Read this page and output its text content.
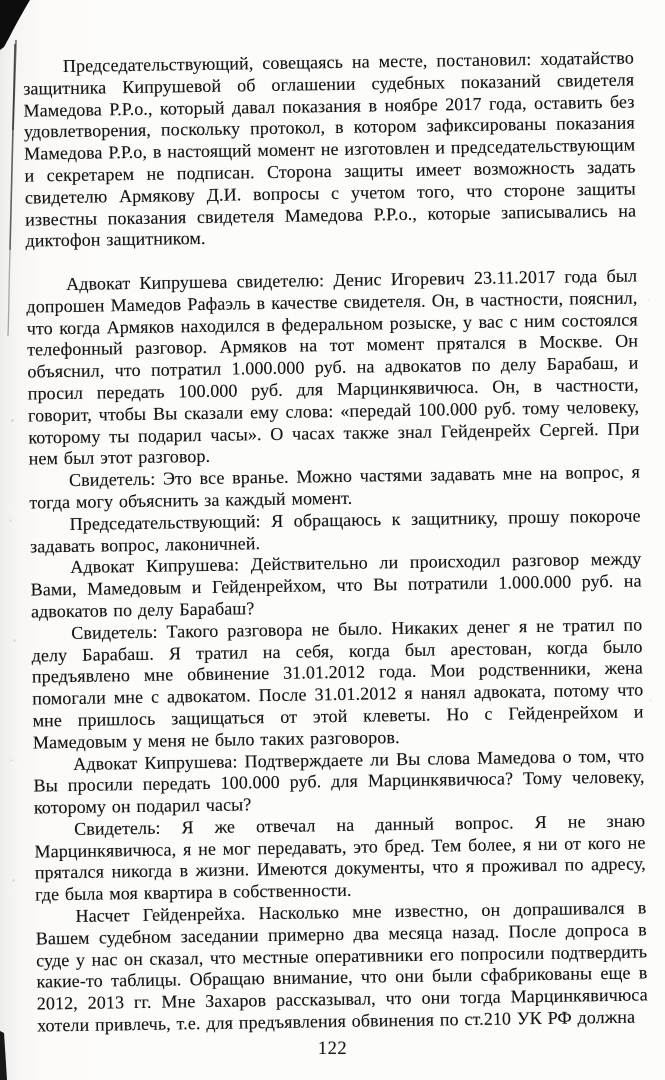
Председательствующий, совещаясь на месте, постановил: ходатайство защитника Кипрушевой об оглашении судебных показаний свидетеля Мамедова Р.Р.о., который давал показания в ноябре 2017 года, оставить без удовлетворения, поскольку протокол, в котором зафиксированы показания Мамедова Р.Р.о, в настоящий момент не изготовлен и председательствующим и секретарем не подписан. Сторона защиты имеет возможность задать свидетелю Армякову Д.И. вопросы с учетом того, что стороне защиты известны показания свидетеля Мамедова Р.Р.о., которые записывались на диктофон защитником.

Адвокат Кипрушева свидетелю: Денис Игоревич 23.11.2017 года был допрошен Мамедов Рафаэль в качестве свидетеля. Он, в частности, пояснил, что когда Армяков находился в федеральном розыске, у вас с ним состоялся телефонный разговор. Армяков на тот момент прятался в Москве. Он объяснил, что потратил 1.000.000 руб. на адвокатов по делу Барабаш, и просил передать 100.000 руб. для Марцинкявичюса. Он, в частности, говорит, чтобы Вы сказали ему слова: «передай 100.000 руб. тому человеку, которому ты подарил часы». О часах также знал Гейденрейх Сергей. При нем был этот разговор.

Свидетель: Это все вранье. Можно частями задавать мне на вопрос, я тогда могу объяснить за каждый момент.

Председательствующий: Я обращаюсь к защитнику, прошу покороче задавать вопрос, лаконичней.

Адвокат Кипрушева: Действительно ли происходил разговор между Вами, Мамедовым и Гейденрейхом, что Вы потратили 1.000.000 руб. на адвокатов по делу Барабаш?

Свидетель: Такого разговора не было. Никаких денег я не тратил по делу Барабаш. Я тратил на себя, когда был арестован, когда было предъявлено мне обвинение 31.01.2012 года. Мои родственники, жена помогали мне с адвокатом. После 31.01.2012 я нанял адвоката, потому что мне пришлось защищаться от этой клеветы. Но с Гейденрейхом и Мамедовым у меня не было таких разговоров.

Адвокат Кипрушева: Подтверждаете ли Вы слова Мамедова о том, что Вы просили передать 100.000 руб. для Марцинкявичюса? Тому человеку, которому он подарил часы?

Свидетель: Я же отвечал на данный вопрос. Я не знаю Марцинкявичюса, я не мог передавать, это бред. Тем более, я ни от кого не прятался никогда в жизни. Имеются документы, что я проживал по адресу, где была моя квартира в собственности.

Насчет Гейденрейха. Насколько мне известно, он допрашивался в Вашем судебном заседании примерно два месяца назад. После допроса в суде у нас он сказал, что местные оперативники его попросили подтвердить какие-то таблицы. Обращаю внимание, что они были сфабрикованы еще в 2012, 2013 гг. Мне Захаров рассказывал, что они тогда Марцинкявичюса хотели привлечь, т.е. для предъявления обвинения по ст.210 УК РФ должна

122
